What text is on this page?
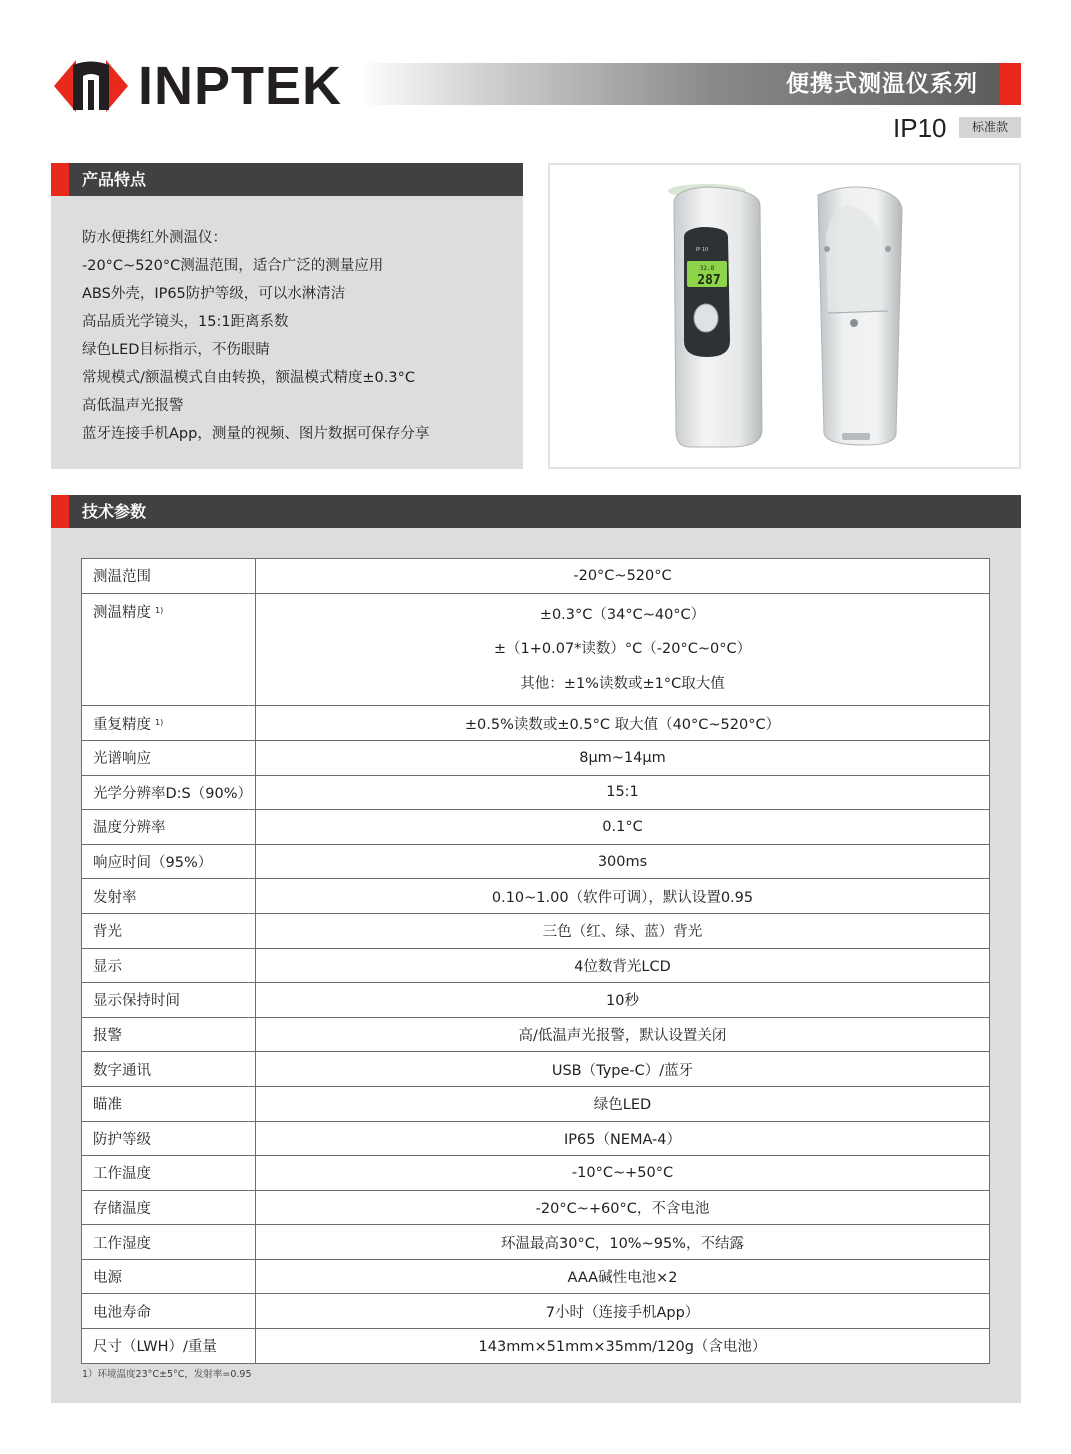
INPTEK	便携式测温仪系列
IP10	标准款
产品特点
防水便携红外测温仪：
-20°C~520°C测温范围，适合广泛的测量应用
ABS外壳，IP65防护等级，可以水淋清洁
高品质光学镜头，15:1距离系数
绿色LED目标指示，不伤眼睛
常规模式/额温模式自由转换，额温模式精度±0.3°C
高低温声光报警
蓝牙连接手机App，测量的视频、图片数据可保存分享
32.8
287
IP 10
技术参数
测温范围	-20°C~520°C
测温精度 $^{1)}$	±0.3°C（34°C~40°C）
±（1+0.07*读数）°C（-20°C~0°C）
其他：±1%读数或±1°C取大值

重复精度 $^{1)}$	±0.5%读数或±0.5°C 取大值（40°C~520°C）
光谱响应	8μm~14μm
光学分辨率D:S（90%）	15:1
温度分辨率	0.1°C
响应时间（95%）	300ms
发射率	0.10~1.00（软件可调），默认设置0.95
背光	三色（红、绿、蓝）背光
显示	4位数背光LCD
显示保持时间	10秒
报警	高/低温声光报警，默认设置关闭
数字通讯	USB（Type-C）/蓝牙
瞄准	绿色LED
防护等级	IP65（NEMA-4）
工作温度	-10°C~+50°C
存储温度	-20°C~+60°C，不含电池
工作湿度	环温最高30°C，10%~95%，不结露
电源	AAA碱性电池×2
电池寿命	7小时（连接手机App）
尺寸（LWH）/重量	143mm×51mm×35mm/120g（含电池）
1）环境温度23°C±5°C，发射率=0.95
